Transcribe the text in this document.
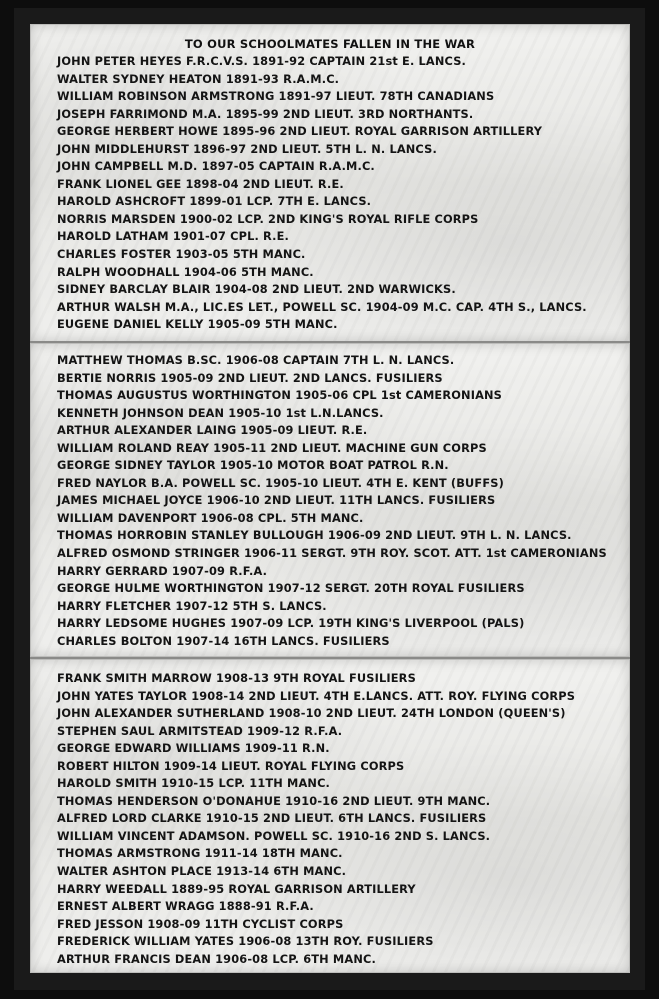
TO OUR SCHOOLMATES FALLEN IN THE WAR
JOHN PETER HEYES F.R.C.V.S. 1891-92 CAPTAIN 21st E. LANCS.
WALTER SYDNEY HEATON 1891-93 R.A.M.C.
WILLIAM ROBINSON ARMSTRONG 1891-97 LIEUT. 78TH CANADIANS
JOSEPH FARRIMOND M.A. 1895-99 2ND LIEUT. 3RD NORTHANTS.
GEORGE HERBERT HOWE 1895-96 2ND LIEUT. ROYAL GARRISON ARTILLERY
JOHN MIDDLEHURST 1896-97 2ND LIEUT. 5TH L. N. LANCS.
JOHN CAMPBELL M.D. 1897-05 CAPTAIN R.A.M.C.
FRANK LIONEL GEE 1898-04 2ND LIEUT. R.E.
HAROLD ASHCROFT 1899-01 LCP. 7TH E. LANCS.
NORRIS MARSDEN 1900-02 LCP. 2ND KING'S ROYAL RIFLE CORPS
HAROLD LATHAM 1901-07 CPL. R.E.
CHARLES FOSTER 1903-05 5TH MANC.
RALPH WOODHALL 1904-06 5TH MANC.
SIDNEY BARCLAY BLAIR 1904-08 2ND LIEUT. 2ND WARWICKS.
ARTHUR WALSH M.A., LIC.ES LET., POWELL SC. 1904-09 M.C. CAP. 4TH S., LANCS.
EUGENE DANIEL KELLY 1905-09 5TH MANC.
MATTHEW THOMAS B.SC. 1906-08 CAPTAIN 7TH L. N. LANCS.
BERTIE NORRIS 1905-09 2ND LIEUT. 2ND LANCS. FUSILIERS
THOMAS AUGUSTUS WORTHINGTON 1905-06 CPL 1st CAMERONIANS
KENNETH JOHNSON DEAN 1905-10 1st L.N.LANCS.
ARTHUR ALEXANDER LAING 1905-09 LIEUT. R.E.
WILLIAM ROLAND REAY 1905-11 2ND LIEUT. MACHINE GUN CORPS
GEORGE SIDNEY TAYLOR 1905-10 MOTOR BOAT PATROL R.N.
FRED NAYLOR B.A. POWELL SC. 1905-10 LIEUT. 4TH E. KENT (BUFFS)
JAMES MICHAEL JOYCE 1906-10 2ND LIEUT. 11TH LANCS. FUSILIERS
WILLIAM DAVENPORT 1906-08 CPL. 5TH MANC.
THOMAS HORROBIN STANLEY BULLOUGH 1906-09 2ND LIEUT. 9TH L. N. LANCS.
ALFRED OSMOND STRINGER 1906-11 SERGT. 9TH ROY. SCOT. ATT. 1st CAMERONIANS
HARRY GERRARD 1907-09 R.F.A.
GEORGE HULME WORTHINGTON 1907-12 SERGT. 20TH ROYAL FUSILIERS
HARRY FLETCHER 1907-12 5TH S. LANCS.
HARRY LEDSOME HUGHES 1907-09 LCP. 19TH KING'S LIVERPOOL (PALS)
CHARLES BOLTON 1907-14 16TH LANCS. FUSILIERS
FRANK SMITH MARROW 1908-13 9TH ROYAL FUSILIERS
JOHN YATES TAYLOR 1908-14 2ND LIEUT. 4TH E.LANCS. ATT. ROY. FLYING CORPS
JOHN ALEXANDER SUTHERLAND 1908-10 2ND LIEUT. 24TH LONDON (QUEEN'S)
STEPHEN SAUL ARMITSTEAD 1909-12 R.F.A.
GEORGE EDWARD WILLIAMS 1909-11 R.N.
ROBERT HILTON 1909-14 LIEUT. ROYAL FLYING CORPS
HAROLD SMITH 1910-15 LCP. 11TH MANC.
THOMAS HENDERSON O'DONAHUE 1910-16 2ND LIEUT. 9TH MANC.
ALFRED LORD CLARKE 1910-15 2ND LIEUT. 6TH LANCS. FUSILIERS
WILLIAM VINCENT ADAMSON. POWELL SC. 1910-16 2ND S. LANCS.
THOMAS ARMSTRONG 1911-14 18TH MANC.
WALTER ASHTON PLACE 1913-14 6TH MANC.
HARRY WEEDALL 1889-95 ROYAL GARRISON ARTILLERY
ERNEST ALBERT WRAGG 1888-91 R.F.A.
FRED JESSON 1908-09 11TH CYCLIST CORPS
FREDERICK WILLIAM YATES 1906-08 13TH ROY. FUSILIERS
ARTHUR FRANCIS DEAN 1906-08 LCP. 6TH MANC.
